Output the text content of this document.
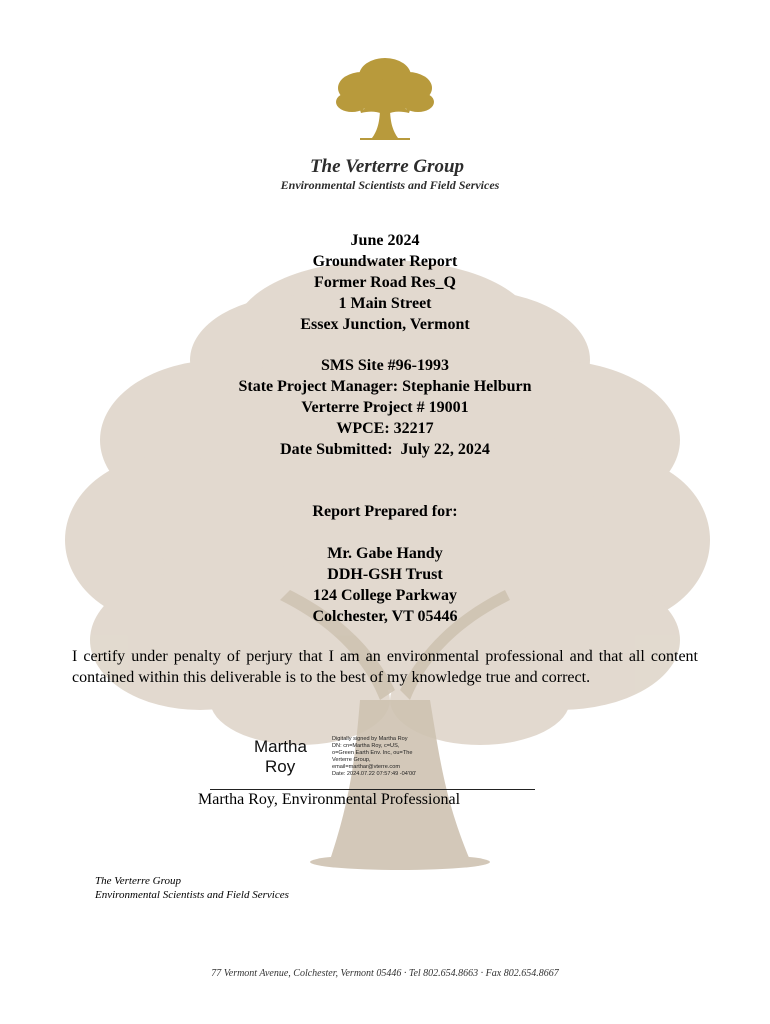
The Verterre Group
Environmental Scientists and Field Services
June 2024
Groundwater Report
Former Road Res_Q
1 Main Street
Essex Junction, Vermont
SMS Site #96-1993
State Project Manager: Stephanie Helburn
Verterre Project # 19001
WPCE: 32217
Date Submitted:  July 22, 2024
Report Prepared for:
Mr. Gabe Handy
DDH-GSH Trust
124 College Parkway
Colchester, VT 05446
I certify under penalty of perjury that I am an environmental professional and that all content contained within this deliverable is to the best of my knowledge true and correct.
Martha
Roy
Digitally signed by Martha Roy
DN: cn=Martha Roy, c=US,
o=Green Earth Env. Inc, ou=The
Verterre Group,
email=marthar@vterre.com
Date: 2024.07.22 07:57:49 -04'00'
Martha Roy, Environmental Professional
The Verterre Group
Environmental Scientists and Field Services
77 Vermont Avenue, Colchester, Vermont 05446 · Tel 802.654.8663 · Fax 802.654.8667
